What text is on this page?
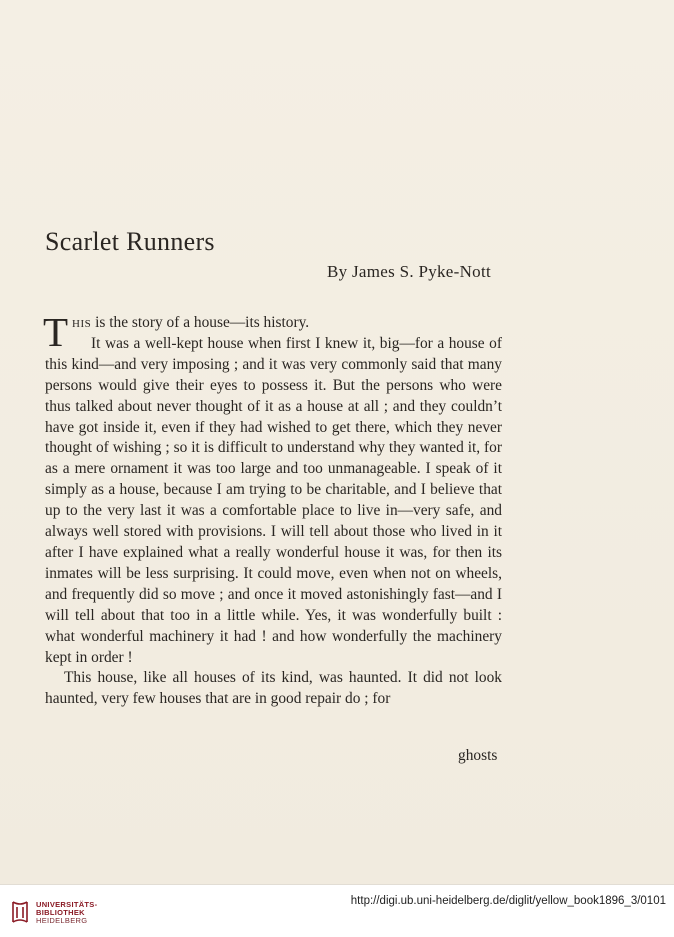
Scarlet Runners
By James S. Pyke-Nott

This is the story of a house—its history.

It was a well-kept house when first I knew it, big—for a house of this kind—and very imposing ; and it was very commonly said that many persons would give their eyes to possess it. But the persons who were thus talked about never thought of it as a house at all ; and they couldn’t have got inside it, even if they had wished to get there, which they never thought of wishing ; so it is difficult to understand why they wanted it, for as a mere ornament it was too large and too unmanageable. I speak of it simply as a house, because I am trying to be charitable, and I believe that up to the very last it was a comfortable place to live in—very safe, and always well stored with provisions. I will tell about those who lived in it after I have explained what a really wonderful house it was, for then its inmates will be less surprising. It could move, even when not on wheels, and frequently did so move ; and once it moved astonishingly fast—and I will tell about that too in a little while. Yes, it was wonderfully built : what wonderful machinery it had ! and how wonderfully the machinery kept in order !

This house, like all houses of its kind, was haunted. It did not look haunted, very few houses that are in good repair do ; for

ghosts
UNIVERSITÄTS-
BIBLIOTHEK
HEIDELBERG
http://digi.ub.uni-heidelberg.de/diglit/yellow_book1896_3/0101
